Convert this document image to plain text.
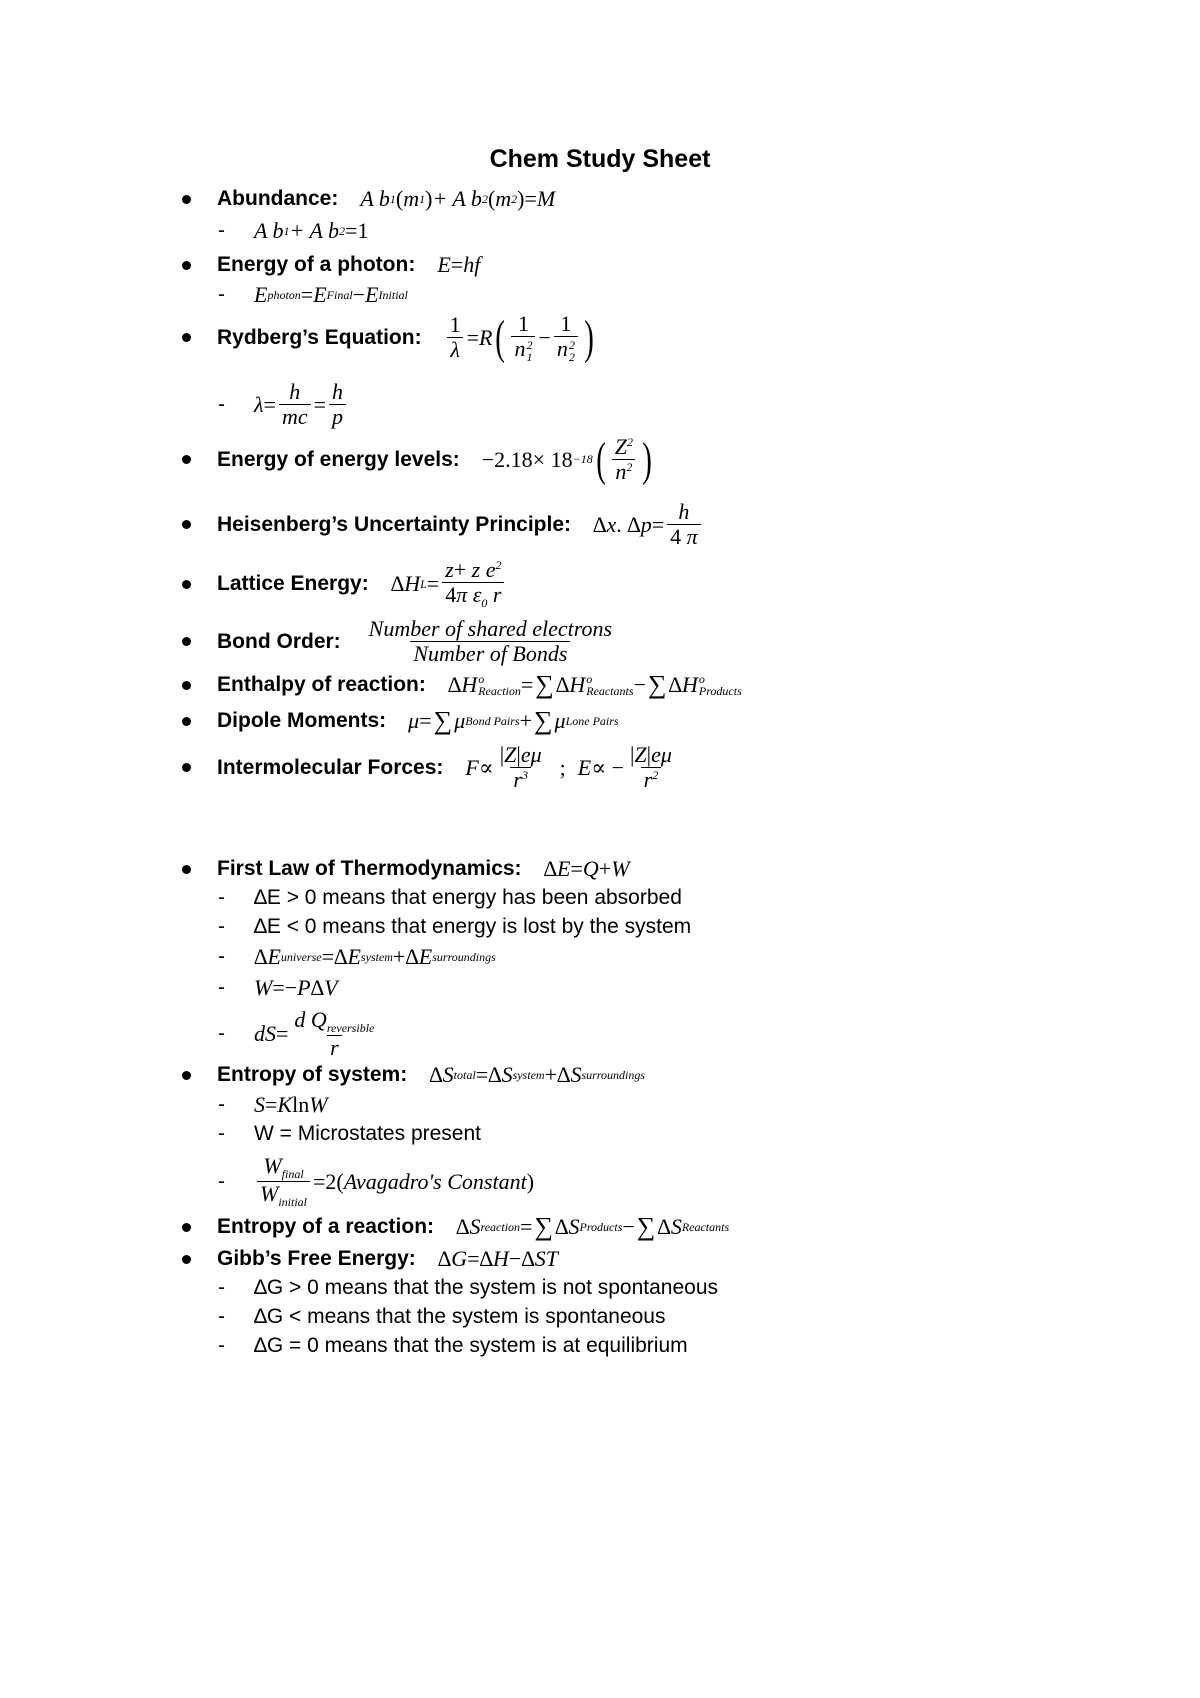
Chem Study Sheet
Abundance: A b 1 ( m 1 ) + A b 2 ( m 2 ) = M
-	A b 1 + A b 2 =1
Energy of a photon: E = hf
-	E photon = E Final − E Initial
Rydberg’s Equation: $\frac{1}{\lambda} = R$ ( 1
n 2
1 − 1
n 2
2 )
-	$\lambda = \frac{h}{mc} = \frac{h}{p}$
Energy of energy levels: −2.18× 18 −18 ( $\frac{Z^2}{n^2}$ )
Heisenberg’s Uncertainty Principle: ∆ x . ∆ $p = \frac{h}{4 \pi}$
Lattice Energy: ∆ H $L = \frac{z+ z e^2}{4\pi \varepsilon_0 r}$
Bond Order: $\frac{\text{Number of shared electrons}}{\text{Number of Bonds}}$
Enthalpy of reaction: ∆ H o
Reaction = ∑ ∆ H o
Reactants − ∑ ∆ H o
Products
Dipole Moments: μ = ∑ μ Bond Pairs + ∑ μ Lone Pairs
Intermolecular Forces: $F \propto \frac{|Z|e\mu}{r^3}$ ; E ∝ − $\frac{|Z|e\mu}{r^2}$
First Law of Thermodynamics: ∆ E = Q + W
-	∆E > 0 means that energy has been absorbed
-	∆E < 0 means that energy is lost by the system
-	∆ E universe =∆ E system +∆ E surroundings
-	W =− P ∆ V
-	dS = $\frac{d Q_{reversible}}{r}$
Entropy of system: ∆ S total =∆ S system +∆ S surroundings
-	S = K ln W
-	W = Microstates present
-	$\frac{W_{final}}{W_{initial}} =2$( Avagadro's Constant )
Entropy of a reaction: ∆ S reaction = ∑ ∆ S Products − ∑ ∆ S Reactants
Gibb’s Free Energy: ∆ G =∆ H −∆ ST
-	∆G > 0 means that the system is not spontaneous
-	∆G < means that the system is spontaneous
-	∆G = 0 means that the system is at equilibrium
